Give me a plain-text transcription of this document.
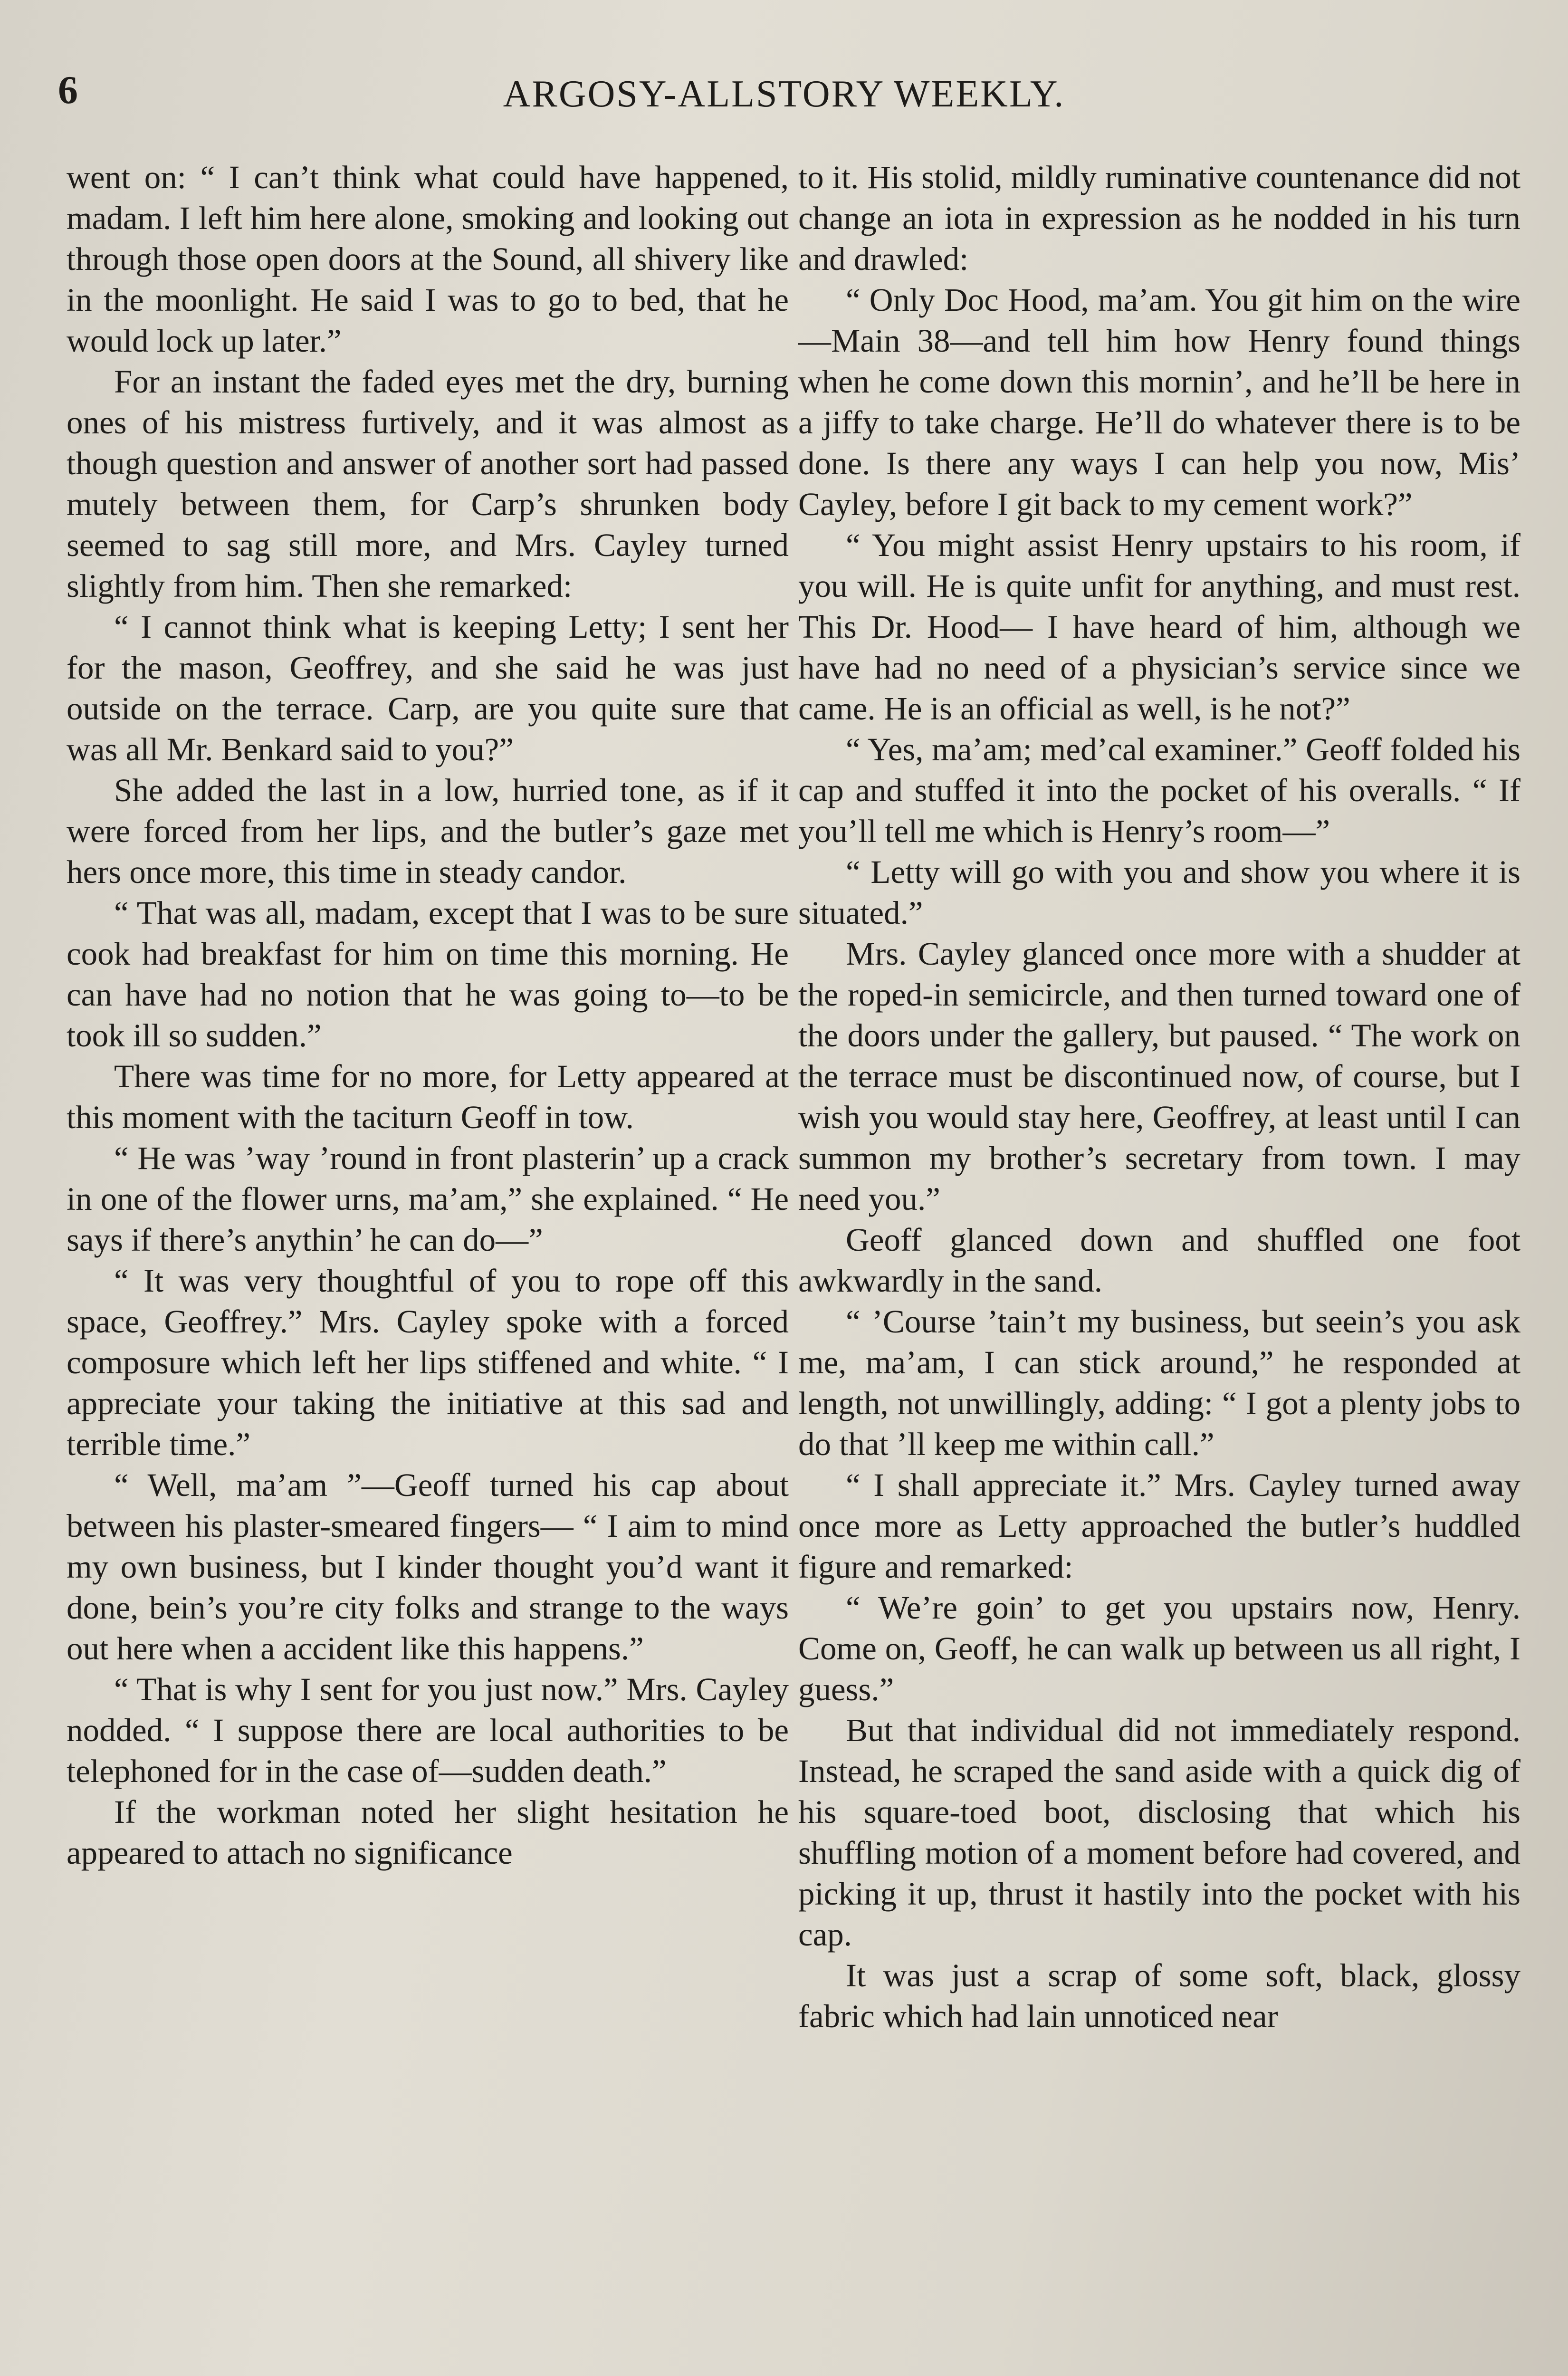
6	ARGOSY-ALLSTORY WEEKLY.

went on: “ I can’t think what could have happened, madam. I left him here alone, smoking and looking out through those open doors at the Sound, all shivery like in the moonlight. He said I was to go to bed, that he would lock up later.”

For an instant the faded eyes met the dry, burning ones of his mistress furtively, and it was almost as though question and answer of another sort had passed mutely between them, for Carp’s shrunken body seemed to sag still more, and Mrs. Cayley turned slightly from him. Then she remarked:

“ I cannot think what is keeping Letty; I sent her for the mason, Geoffrey, and she said he was just outside on the terrace. Carp, are you quite sure that was all Mr. Benkard said to you?”

She added the last in a low, hurried tone, as if it were forced from her lips, and the butler’s gaze met hers once more, this time in steady candor.

“ That was all, madam, except that I was to be sure cook had breakfast for him on time this morning. He can have had no notion that he was going to—to be took ill so sudden.”

There was time for no more, for Letty appeared at this moment with the taciturn Geoff in tow.

“ He was ’way ’round in front plasterin’ up a crack in one of the flower urns, ma’am,” she explained. “ He says if there’s anythin’ he can do—”

“ It was very thoughtful of you to rope off this space, Geoffrey.” Mrs. Cayley spoke with a forced composure which left her lips stiffened and white. “ I appreciate your taking the initiative at this sad and terrible time.”

“ Well, ma’am ”—Geoff turned his cap about between his plaster-smeared fingers— “ I aim to mind my own business, but I kinder thought you’d want it done, bein’s you’re city folks and strange to the ways out here when a accident like this happens.”

“ That is why I sent for you just now.” Mrs. Cayley nodded. “ I suppose there are local authorities to be telephoned for in the case of—sudden death.”

If the workman noted her slight hesitation he appeared to attach no significance

to it. His stolid, mildly ruminative countenance did not change an iota in expression as he nodded in his turn and drawled:

“ Only Doc Hood, ma’am. You git him on the wire—Main 38—and tell him how Henry found things when he come down this mornin’, and he’ll be here in a jiffy to take charge. He’ll do whatever there is to be done. Is there any ways I can help you now, Mis’ Cayley, before I git back to my cement work?”

“ You might assist Henry upstairs to his room, if you will. He is quite unfit for anything, and must rest. This Dr. Hood— I have heard of him, although we have had no need of a physician’s service since we came. He is an official as well, is he not?”

“ Yes, ma’am; med’cal examiner.” Geoff folded his cap and stuffed it into the pocket of his overalls. “ If you’ll tell me which is Henry’s room—”

“ Letty will go with you and show you where it is situated.”

Mrs. Cayley glanced once more with a shudder at the roped-in semicircle, and then turned toward one of the doors under the gallery, but paused. “ The work on the terrace must be discontinued now, of course, but I wish you would stay here, Geoffrey, at least until I can summon my brother’s secretary from town. I may need you.”

Geoff glanced down and shuffled one foot awkwardly in the sand.

“ ’Course ’tain’t my business, but seein’s you ask me, ma’am, I can stick around,” he responded at length, not unwillingly, adding: “ I got a plenty jobs to do that ’ll keep me within call.”

“ I shall appreciate it.” Mrs. Cayley turned away once more as Letty approached the butler’s huddled figure and remarked:

“ We’re goin’ to get you upstairs now, Henry. Come on, Geoff, he can walk up between us all right, I guess.”

But that individual did not immediately respond. Instead, he scraped the sand aside with a quick dig of his square-toed boot, disclosing that which his shuffling motion of a moment before had covered, and picking it up, thrust it hastily into the pocket with his cap.

It was just a scrap of some soft, black, glossy fabric which had lain unnoticed near
